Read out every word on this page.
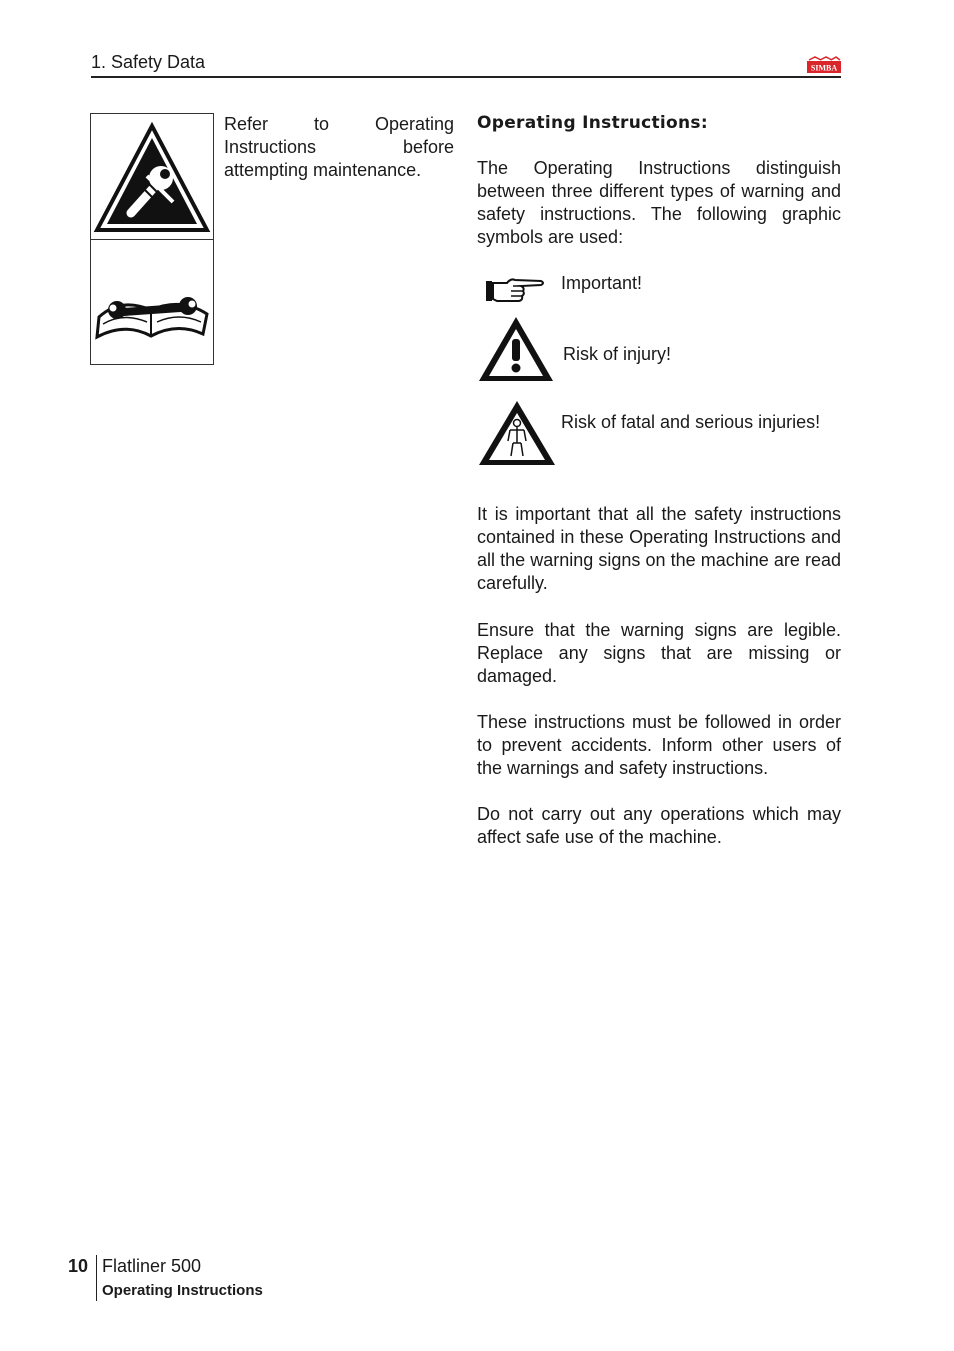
1. Safety Data	SIMBA
Refer to Operating Instructions before attempting maintenance.
Operating Instructions:
The Operating Instructions distinguish between three different types of warning and safety instructions. The following graphic symbols are used:
Important!
Risk of injury!
Risk of fatal and serious injuries!
It is important that all the safety instructions contained in these Operating Instructions and all the warning signs on the machine are read carefully.
Ensure that the warning signs are legible. Replace any signs that are missing or damaged.
These instructions must be followed in order to prevent accidents. Inform other users of the warnings and safety instructions.
Do not carry out any operations which may affect safe use of the machine.
10 Flatliner 500
Operating Instructions
